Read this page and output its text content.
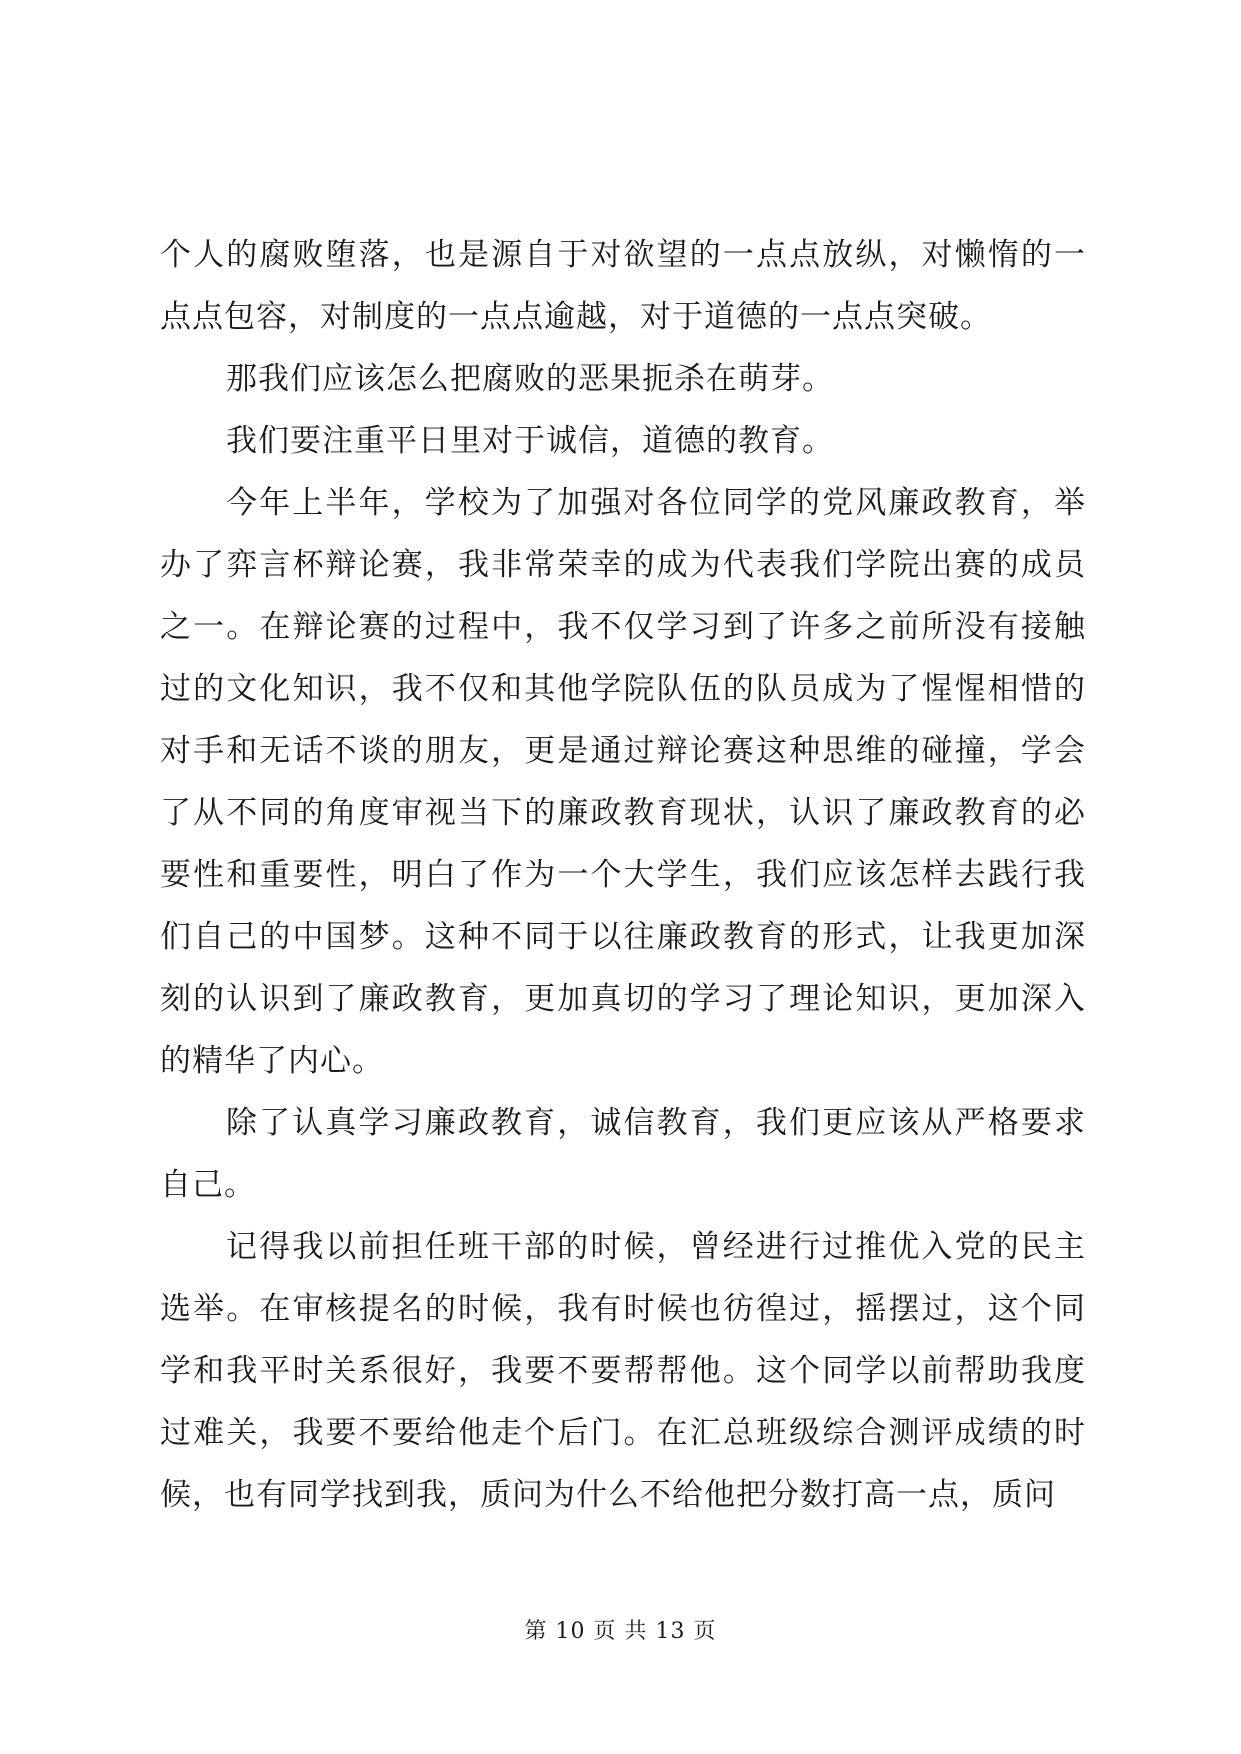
个人的腐败堕落，也是源自于对欲望的一点点放纵，对懒惰的一点点包容，对制度的一点点逾越，对于道德的一点点突破。

那我们应该怎么把腐败的恶果扼杀在萌芽。

我们要注重平日里对于诚信，道德的教育。

今年上半年，学校为了加强对各位同学的党风廉政教育，举办了弈言杯辩论赛，我非常荣幸的成为代表我们学院出赛的成员之一。在辩论赛的过程中，我不仅学习到了许多之前所没有接触过的文化知识，我不仅和其他学院队伍的队员成为了惺惺相惜的对手和无话不谈的朋友，更是通过辩论赛这种思维的碰撞，学会了从不同的角度审视当下的廉政教育现状，认识了廉政教育的必要性和重要性，明白了作为一个大学生，我们应该怎样去践行我们自己的中国梦。这种不同于以往廉政教育的形式，让我更加深刻的认识到了廉政教育，更加真切的学习了理论知识，更加深入的精华了内心。

除了认真学习廉政教育，诚信教育，我们更应该从严格要求自己。

记得我以前担任班干部的时候，曾经进行过推优入党的民主选举。在审核提名的时候，我有时候也彷徨过，摇摆过，这个同学和我平时关系很好，我要不要帮帮他。这个同学以前帮助我度过难关，我要不要给他走个后门。在汇总班级综合测评成绩的时候，也有同学找到我，质问为什么不给他把分数打高一点，质问

第 10 页 共 13 页
